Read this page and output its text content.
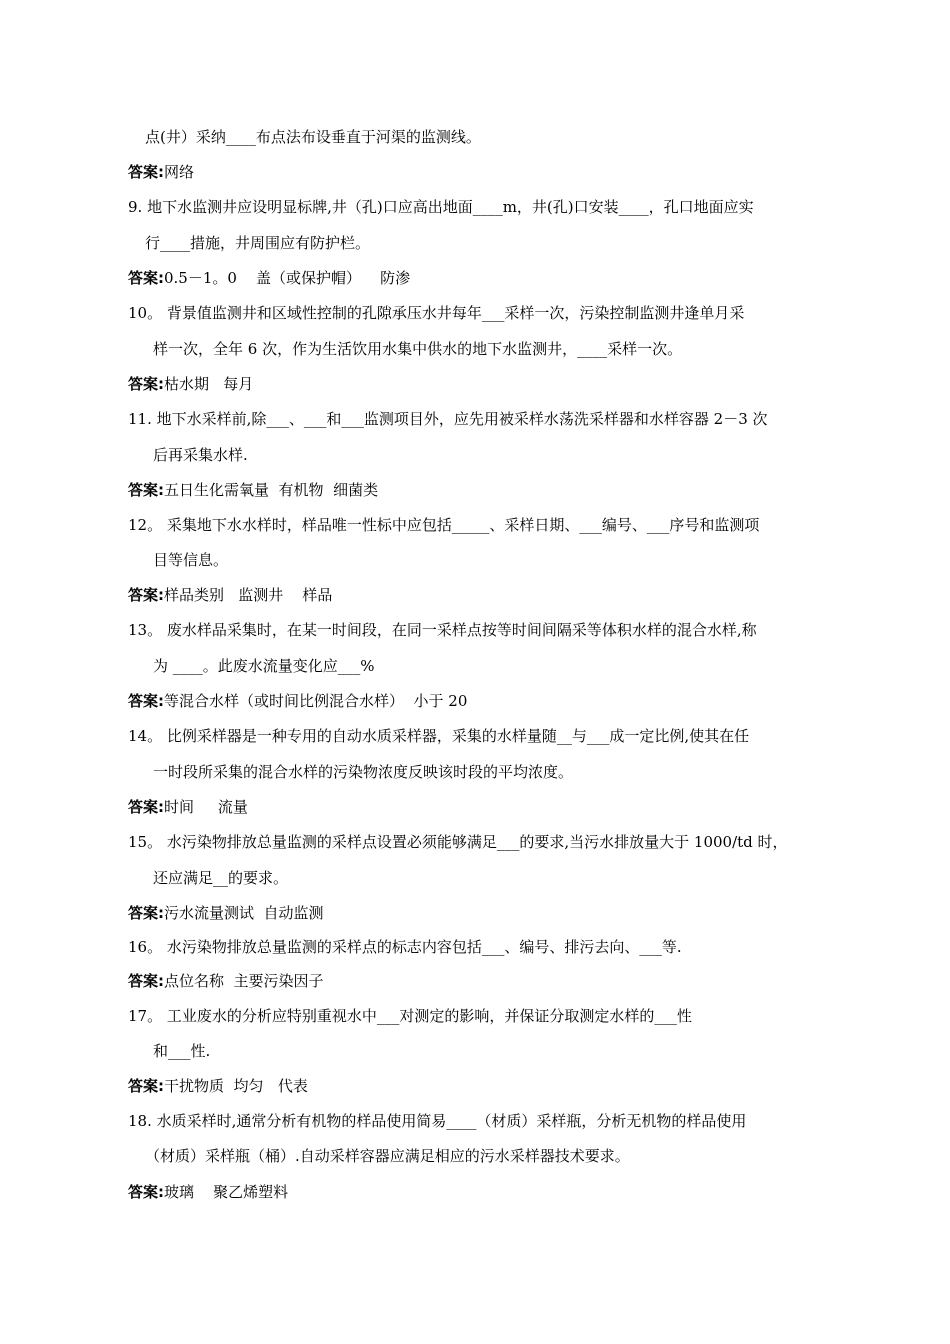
点(井）采纳____布点法布设垂直于河渠的监测线。
答案:网络
9. 地下水监测井应设明显标牌,井（孔)口应高出地面____m，井(孔)口安装____，孔口地面应实
行____措施，井周围应有防护栏。
答案:0.5－1。0    盖（或保护帽）    防渗
10。 背景值监测井和区域性控制的孔隙承压水井每年___采样一次，污染控制监测井逢单月采
样一次，全年 6 次，作为生活饮用水集中供水的地下水监测井，____采样一次。
答案:枯水期   每月
11. 地下水采样前,除___、___和___监测项目外，应先用被采样水荡洗采样器和水样容器 2－3 次
后再采集水样.
答案:五日生化需氧量  有机物  细菌类
12。 采集地下水水样时，样品唯一性标中应包括_____、采样日期、___编号、___序号和监测项
目等信息。
答案:样品类别   监测井    样品
13。 废水样品采集时，在某一时间段，在同一采样点按等时间间隔采等体积水样的混合水样,称
为 ____。此废水流量变化应___%
答案:等混合水样（或时间比例混合水样）  小于 20
14。 比例采样器是一种专用的自动水质采样器，采集的水样量随__与___成一定比例,使其在任
一时段所采集的混合水样的污染物浓度反映该时段的平均浓度。
答案:时间     流量
15。 水污染物排放总量监测的采样点设置必须能够满足___的要求,当污水排放量大于 1000/td 时，
还应满足__的要求。
答案:污水流量测试  自动监测
16。 水污染物排放总量监测的采样点的标志内容包括___、编号、排污去向、___等.
答案:点位名称  主要污染因子
17。 工业废水的分析应特别重视水中___对测定的影响，并保证分取测定水样的___性
和___性.
答案:干扰物质  均匀   代表
18. 水质采样时,通常分析有机物的样品使用简易____（材质）采样瓶，分析无机物的样品使用
（材质）采样瓶（桶）.自动采样容器应满足相应的污水采样器技术要求。
答案:玻璃    聚乙烯塑料
